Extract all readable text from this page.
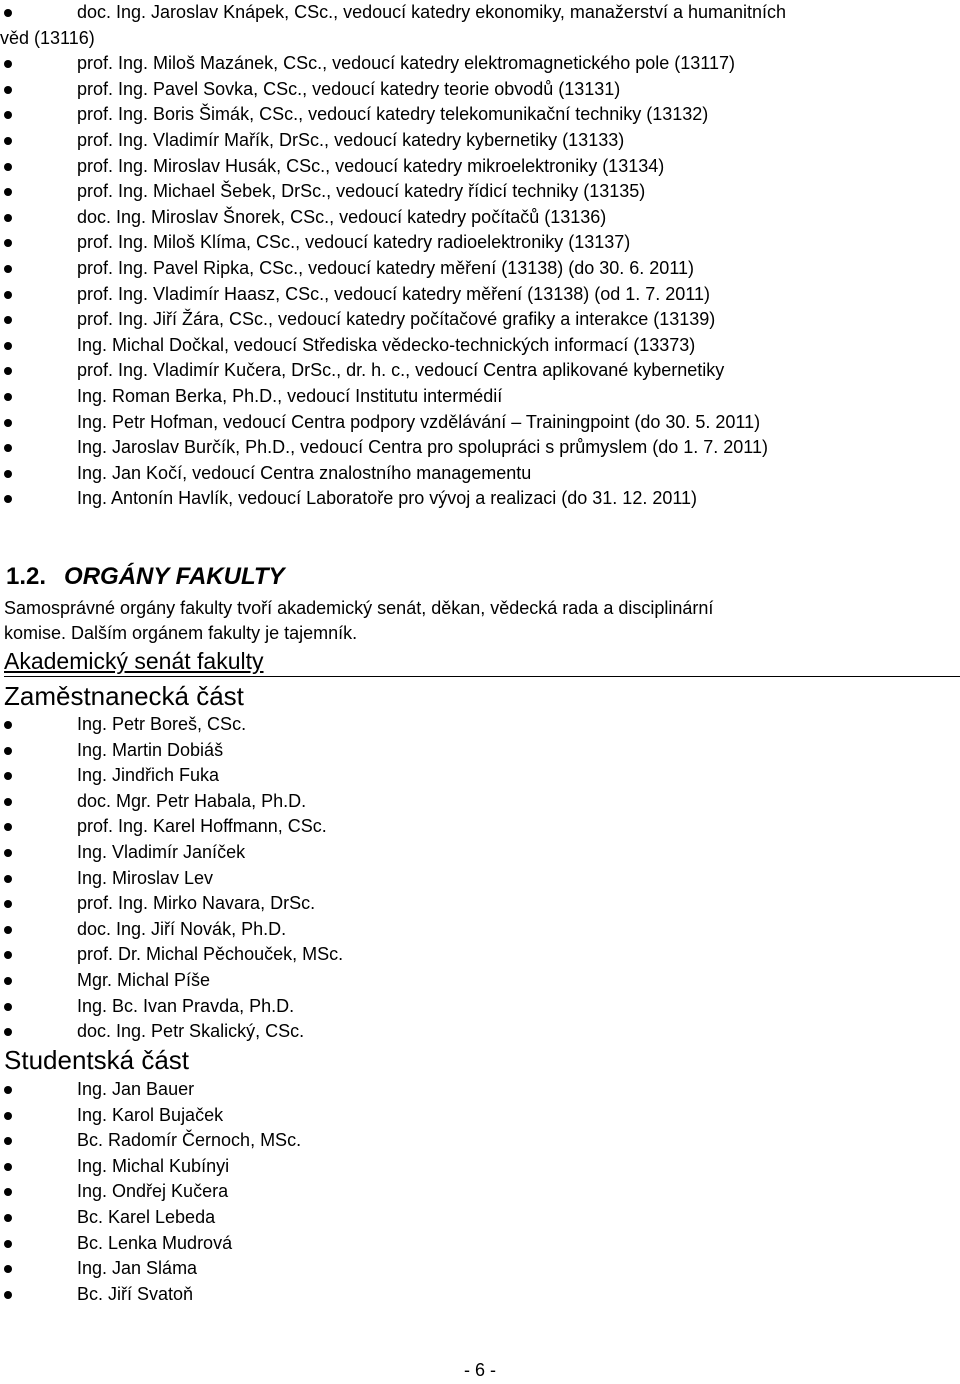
doc. Ing. Jaroslav Knápek, CSc., vedoucí katedry ekonomiky, manažerství a humanitních
věd (13116)
prof. Ing. Miloš Mazánek, CSc., vedoucí katedry elektromagnetického pole (13117)
prof. Ing. Pavel Sovka, CSc., vedoucí katedry teorie obvodů (13131)
prof. Ing. Boris Šimák, CSc., vedoucí katedry telekomunikační techniky (13132)
prof. Ing. Vladimír Mařík, DrSc., vedoucí katedry kybernetiky (13133)
prof. Ing. Miroslav Husák, CSc., vedoucí katedry mikroelektroniky (13134)
prof. Ing. Michael Šebek, DrSc., vedoucí katedry řídicí techniky (13135)
doc. Ing. Miroslav Šnorek, CSc., vedoucí katedry počítačů (13136)
prof. Ing. Miloš Klíma, CSc., vedoucí katedry radioelektroniky (13137)
prof. Ing. Pavel Ripka, CSc., vedoucí katedry měření (13138) (do 30. 6. 2011)
prof. Ing. Vladimír Haasz, CSc., vedoucí katedry měření (13138) (od 1. 7. 2011)
prof. Ing. Jiří Žára, CSc., vedoucí katedry počítačové grafiky a interakce (13139)
Ing. Michal Dočkal, vedoucí Střediska vědecko-technických informací (13373)
prof. Ing. Vladimír Kučera, DrSc., dr. h. c., vedoucí Centra aplikované kybernetiky
Ing. Roman Berka, Ph.D., vedoucí Institutu intermédií
Ing. Petr Hofman, vedoucí Centra podpory vzdělávání – Trainingpoint (do 30. 5. 2011)
Ing. Jaroslav Burčík, Ph.D., vedoucí Centra pro spolupráci s průmyslem (do 1. 7. 2011)
Ing. Jan Kočí, vedoucí Centra znalostního managementu
Ing. Antonín Havlík, vedoucí Laboratoře pro vývoj a realizaci (do 31. 12. 2011)
1.2. ORGÁNY FAKULTY
Samosprávné orgány fakulty tvoří akademický senát, děkan, vědecká rada a disciplinární
komise. Dalším orgánem fakulty je tajemník.
Akademický senát fakulty
Zaměstnanecká část
Ing. Petr Boreš, CSc.
Ing. Martin Dobiáš
Ing. Jindřich Fuka
doc. Mgr. Petr Habala, Ph.D.
prof. Ing. Karel Hoffmann, CSc.
Ing. Vladimír Janíček
Ing. Miroslav Lev
prof. Ing. Mirko Navara, DrSc.
doc. Ing. Jiří Novák, Ph.D.
prof. Dr. Michal Pěchouček, MSc.
Mgr. Michal Píše
Ing. Bc. Ivan Pravda, Ph.D.
doc. Ing. Petr Skalický, CSc.
Studentská část
Ing. Jan Bauer
Ing. Karol Bujaček
Bc. Radomír Černoch, MSc.
Ing. Michal Kubínyi
Ing. Ondřej Kučera
Bc. Karel Lebeda
Bc. Lenka Mudrová
Ing. Jan Sláma
Bc. Jiří Svatoň
- 6 -
